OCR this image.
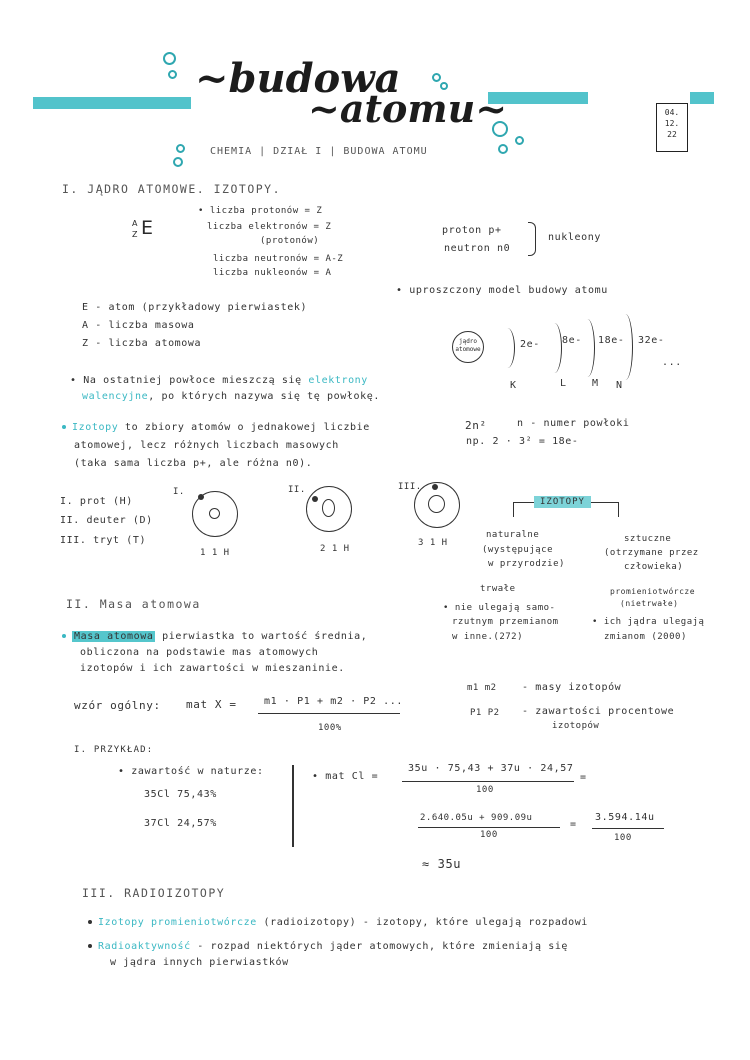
~budowa
~atomu~
CHEMIA | DZIAŁ I | BUDOWA ATOMU
04.
12.
22
I. JĄDRO ATOMOWE. IZOTOPY.
A
Z E
• liczba protonów = Z
liczba elektronów = Z
(protonów)
liczba neutronów = A-Z
liczba nukleonów = A
proton p+
neutron n0
nukleony
• uproszczony model budowy atomu
E - atom (przykładowy pierwiastek)
A - liczba masowa
Z - liczba atomowa	jądro atomowe	2e- 8e- 18e- 32e-
...
K	L	M N
• Na ostatniej powłoce mieszczą się elektrony
walencyjne, po których nazywa się tę powłokę.
Izotopy to zbiory atomów o jednakowej liczbie
atomowej, lecz różnych liczbach masowych
(taka sama liczba p+, ale różna n0).
2n²	n - numer powłoki
np. 2 · 3² = 18e-
I. prot (H)
II. deuter (D)
III. tryt (T)
I.	II.	III.
1 1 H	2 1 H
3 1 H
IZOTOPY
naturalne
(występujące
w przyrodzie)
sztuczne
(otrzymane przez
człowieka)
trwałe
• nie ulegają samo-
rzutnym przemianom
w inne.(272)
promieniotwórcze
(nietrwałe)
• ich jądra ulegają
zmianom (2000)
II. Masa atomowa
Masa atomowa pierwiastka to wartość średnia,
obliczona na podstawie mas atomowych
izotopów i ich zawartości w mieszaninie.
wzór ogólny: mat X =	m1 · P1 + m2 · P2 ...
100%
m1 m2	- masy izotopów
P1 P2 - zawartości procentowe
izotopów
I. PRZYKŁAD:
• zawartość w naturze:
35Cl 75,43%
37Cl 24,57%
• mat Cl =
35u · 75,43 + 37u · 24,57
100
=
2.640.05u + 909.09u
100
=
3.594.14u
100
≈ 35u
III. RADIOIZOTOPY
Izotopy promieniotwórcze (radioizotopy) - izotopy, które ulegają rozpadowi
Radioaktywność - rozpad niektórych jąder atomowych, które zmieniają się
w jądra innych pierwiastków
